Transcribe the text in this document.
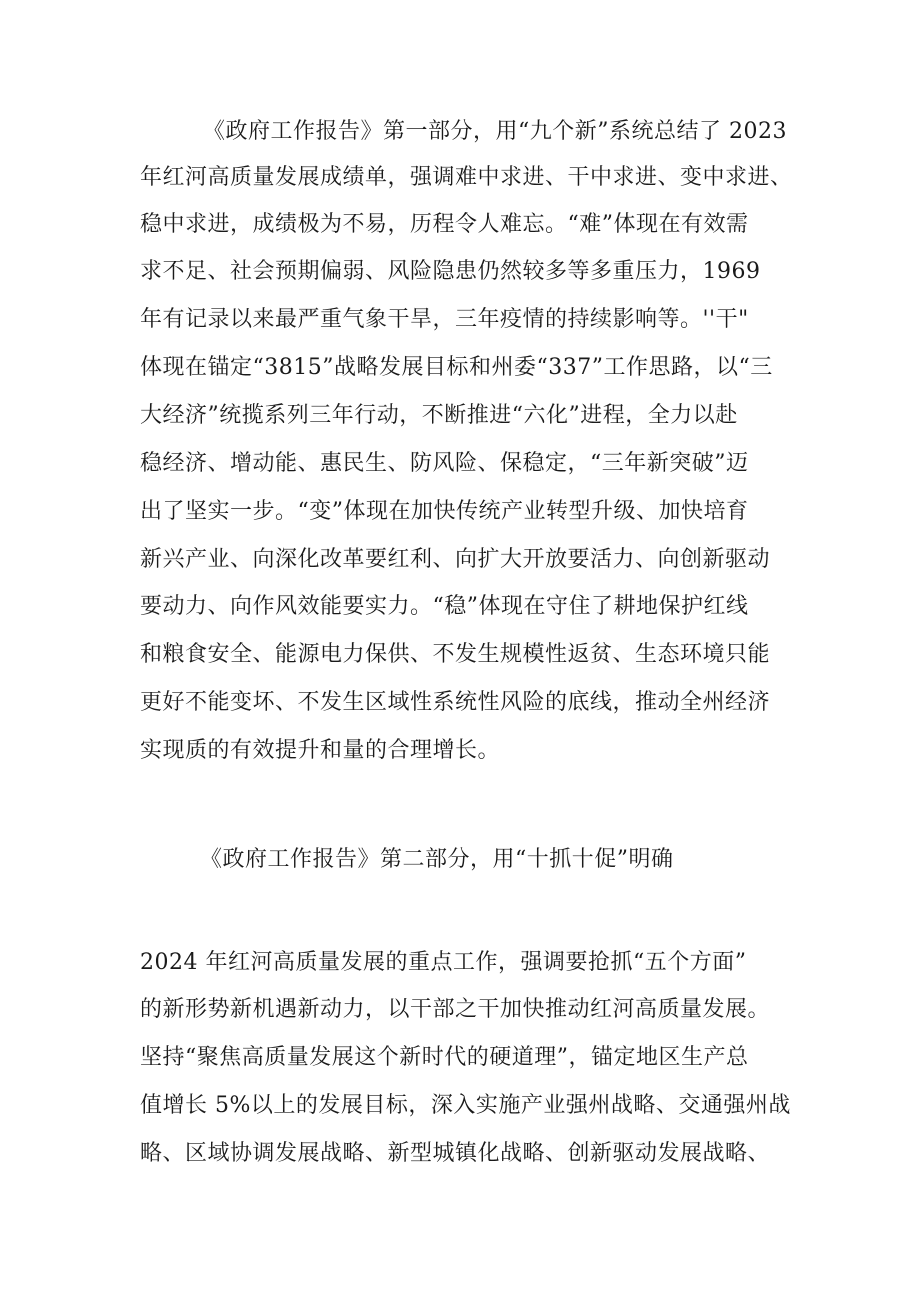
《政府工作报告》第一部分，用“九个新”系统总结了 2023
年红河高质量发展成绩单，强调难中求进、干中求进、变中求进、
稳中求进，成绩极为不易，历程令人难忘。“难”体现在有效需
求不足、社会预期偏弱、风险隐患仍然较多等多重压力，1969
年有记录以来最严重气象干旱，三年疫情的持续影响等。''干"
体现在锚定“3815”战略发展目标和州委“337”工作思路，以“三
大经济”统揽系列三年行动，不断推进“六化”进程，全力以赴
稳经济、增动能、惠民生、防风险、保稳定，“三年新突破”迈
出了坚实一步。“变”体现在加快传统产业转型升级、加快培育
新兴产业、向深化改革要红利、向扩大开放要活力、向创新驱动
要动力、向作风效能要实力。“稳”体现在守住了耕地保护红线
和粮食安全、能源电力保供、不发生规模性返贫、生态环境只能
更好不能变坏、不发生区域性系统性风险的底线，推动全州经济
实现质的有效提升和量的合理增长。
《政府工作报告》第二部分，用“十抓十促”明确
2024 年红河高质量发展的重点工作，强调要抢抓“五个方面”
的新形势新机遇新动力，以干部之干加快推动红河高质量发展。
坚持“聚焦高质量发展这个新时代的硬道理”，锚定地区生产总
值增长 5%以上的发展目标，深入实施产业强州战略、交通强州战
略、区域协调发展战略、新型城镇化战略、创新驱动发展战略、
